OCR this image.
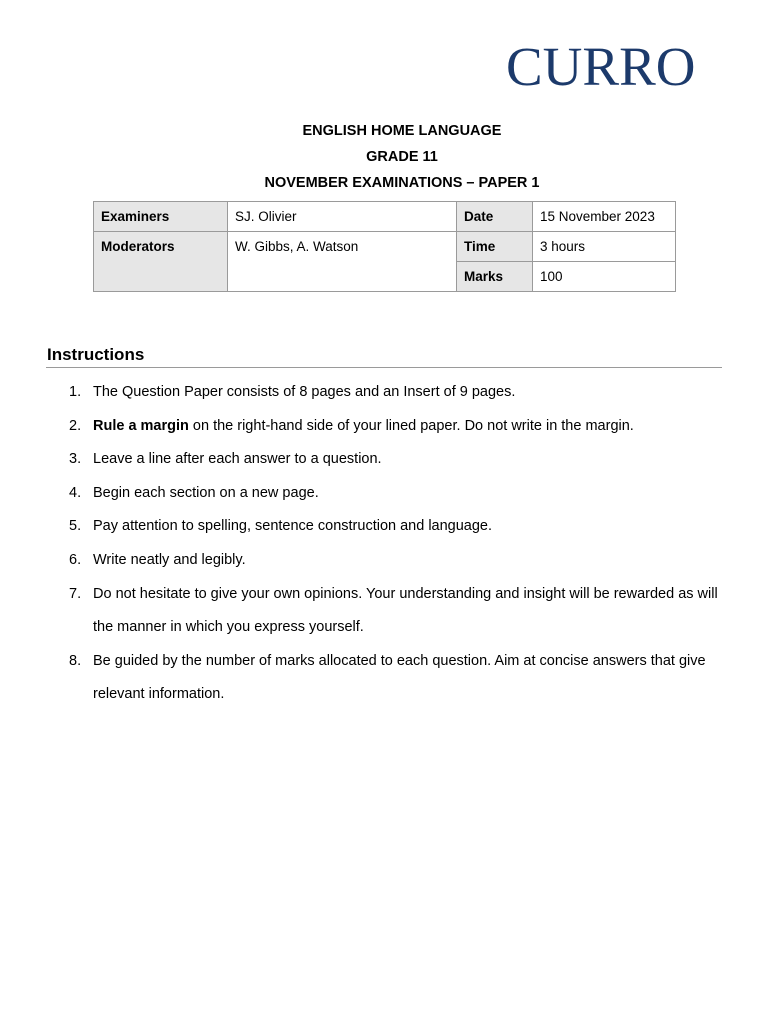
CURRO
ENGLISH HOME LANGUAGE
GRADE 11
NOVEMBER EXAMINATIONS – PAPER 1
Examiners	SJ. Olivier	Date	15 November 2023
Moderators	W. Gibbs, A. Watson	Time	3 hours
		Marks	100
Instructions
1. The Question Paper consists of 8 pages and an Insert of 9 pages.
2. Rule a margin on the right-hand side of your lined paper. Do not write in the margin.
3. Leave a line after each answer to a question.
4. Begin each section on a new page.
5. Pay attention to spelling, sentence construction and language.
6. Write neatly and legibly.
7. Do not hesitate to give your own opinions. Your understanding and insight will be rewarded as will the manner in which you express yourself.
8. Be guided by the number of marks allocated to each question. Aim at concise answers that give relevant information.
